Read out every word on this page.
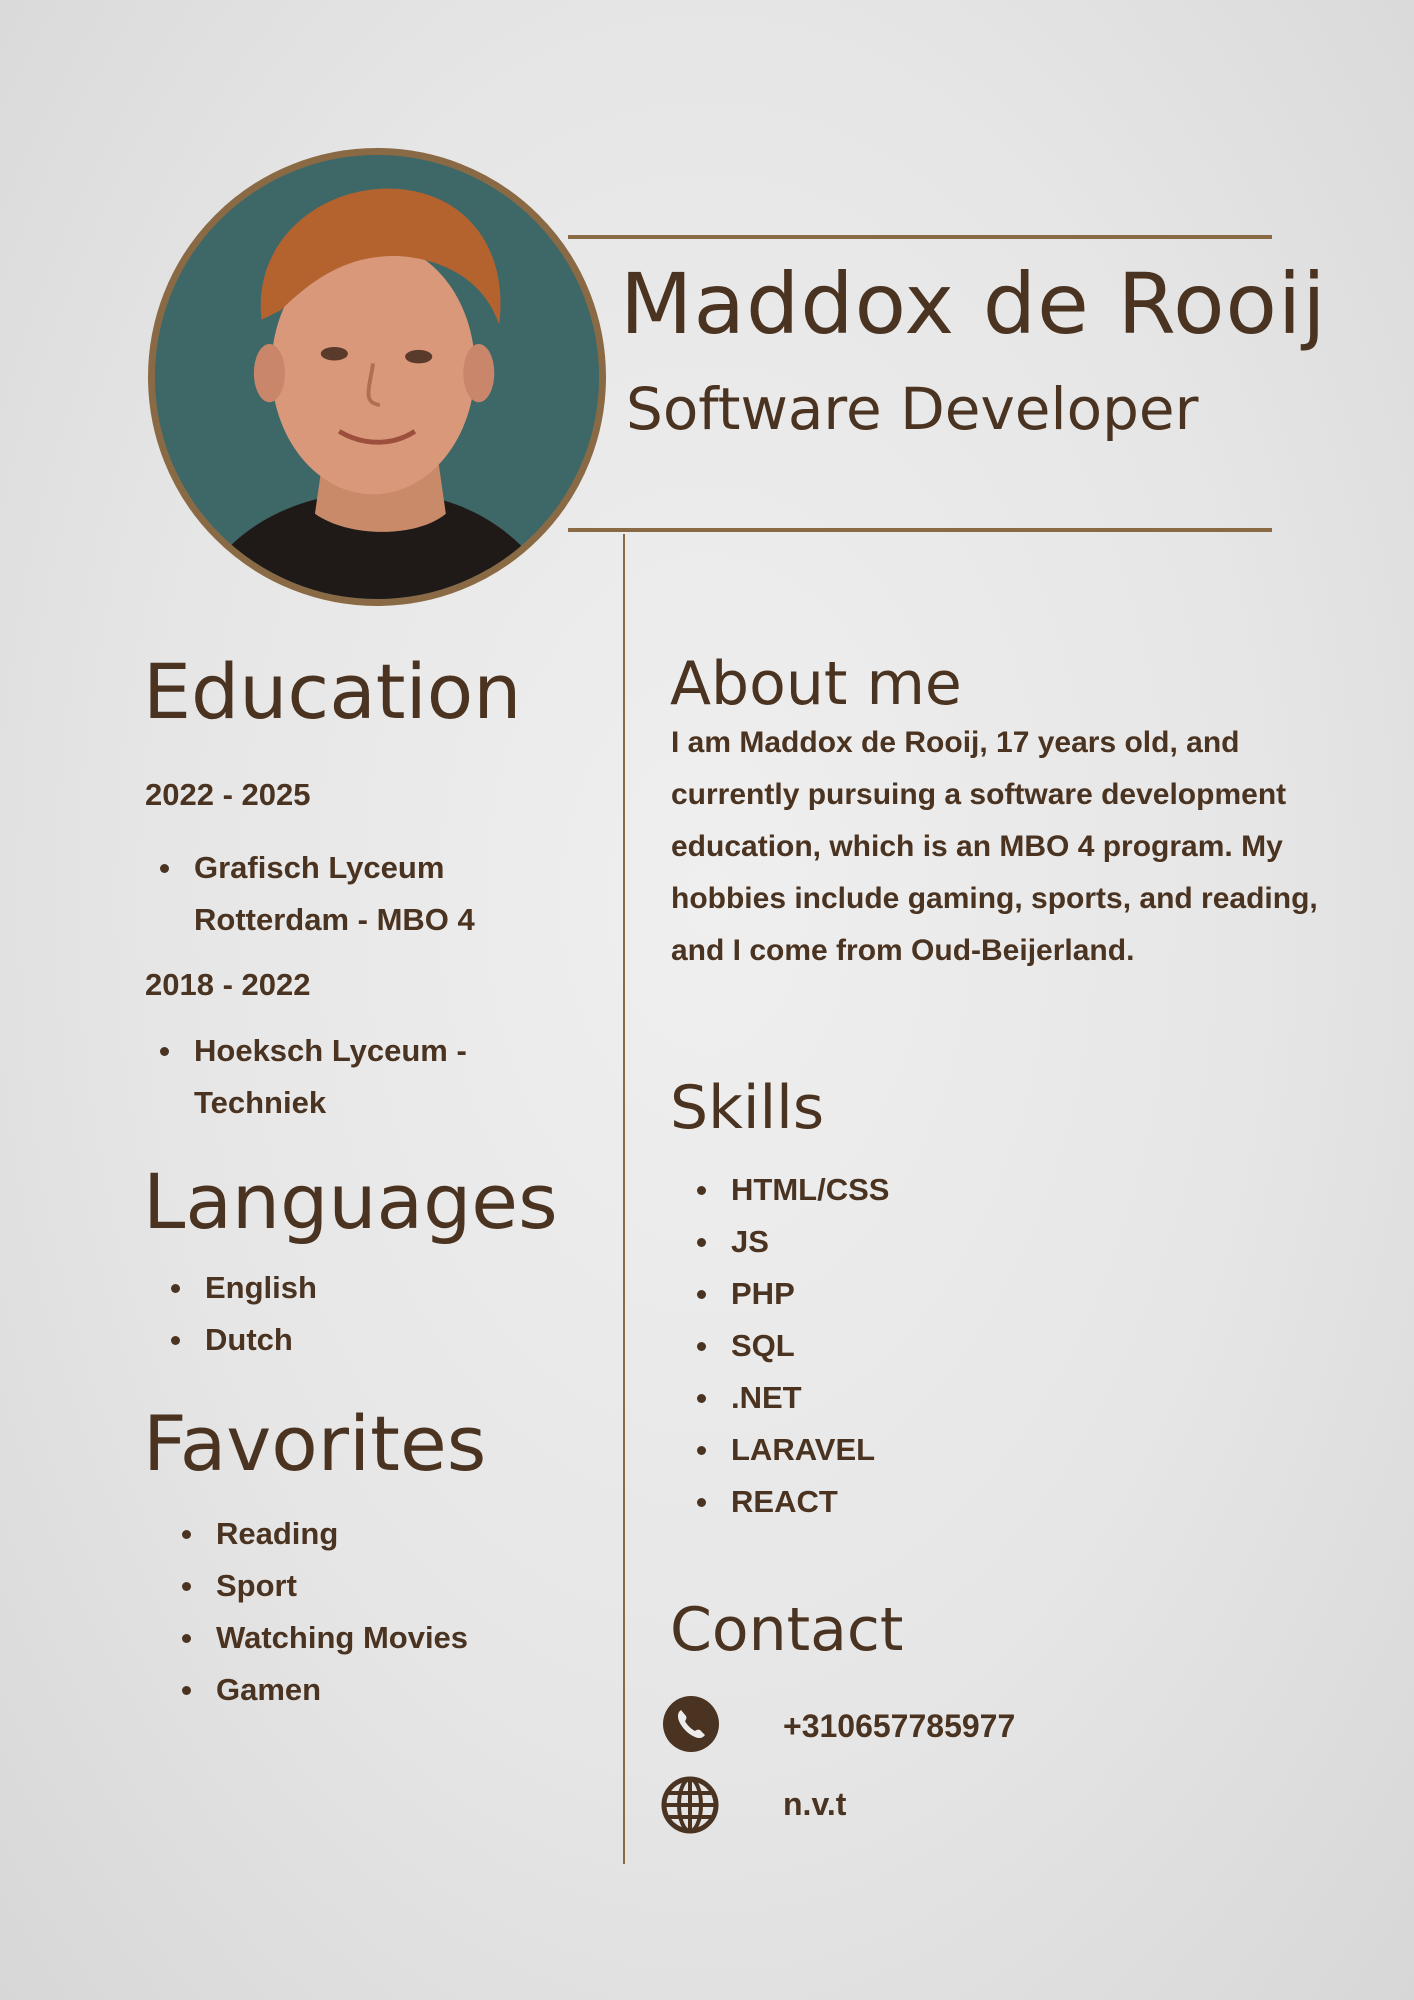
Maddox de Rooij
Software Developer
Education
2022 - 2025
Grafisch Lyceum
Rotterdam - MBO 4
2018 - 2022
Hoeksch Lyceum -
Techniek
Languages
English
Dutch
Favorites
Reading
Sport
Watching Movies
Gamen
About me
I am Maddox de Rooij, 17 years old, and currently pursuing a software development education, which is an MBO 4 program. My hobbies include gaming, sports, and reading, and I come from Oud-Beijerland.
Skills
HTML/CSS
JS
PHP
SQL
.NET
LARAVEL
REACT
Contact
+310657785977
n.v.t
